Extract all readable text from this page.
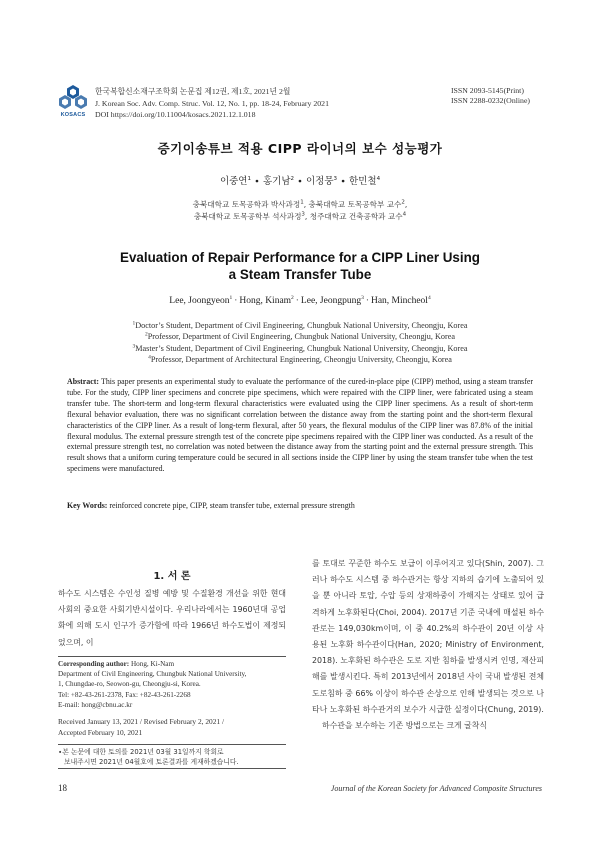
KOSACS
한국복합신소재구조학회 논문집 제12권, 제1호, 2021년 2월
J. Korean Soc. Adv. Comp. Struc. Vol. 12, No. 1, pp. 18-24, February 2021
DOI https://doi.org/10.11004/kosacs.2021.12.1.018
ISSN 2093-5145(Print)
ISSN 2288-0232(Online)
증기이송튜브 적용 CIPP 라이너의 보수 성능평가
이중연$^1$ ∙ 홍기남$^2$ ∙ 이정뭉$^3$ ∙ 한민철$^4$
충북대학교 토목공학과 박사과정$^1$, 충북대학교 토목공학부 교수$^2$,
충북대학교 토목공학부 석사과정$^3$, 청주대학교 건축공학과 교수$^4$
Evaluation of Repair Performance for a CIPP Liner Using
a Steam Transfer Tube
Lee, Joongyeon$^1$ ∙ Hong, Kinam$^2$ ∙ Lee, Jeongpung$^3$ ∙ Han, Mincheol$^4$
$^1$Doctor’s Student, Department of Civil Engineering, Chungbuk National University, Cheongju, Korea
$^2$Professor, Department of Civil Engineering, Chungbuk National University, Cheongju, Korea
$^3$Master’s Student, Department of Civil Engineering, Chungbuk National University, Cheongju, Korea
$^4$Professor, Department of Architectural Engineering, Cheongju University, Cheongju, Korea
Abstract: This paper presents an experimental study to evaluate the performance of the cured-in-place pipe (CIPP) method, using a steam transfer tube. For the study, CIPP liner specimens and concrete pipe specimens, which were repaired with the CIPP liner, were fabricated using a steam transfer tube. The short-term and long-term flexural characteristics were evaluated using the CIPP liner specimens. As a result of short-term flexural behavior evaluation, there was no significant correlation between the distance away from the starting point and the short-term flexural characteristics of the CIPP liner. As a result of long-term flexural, after 50 years, the flexural modulus of the CIPP liner was 87.8% of the initial flexural modulus. The external pressure strength test of the concrete pipe specimens repaired with the CIPP liner was conducted. As a result of the external pressure strength test, no correlation was noted between the distance away from the starting point and the external pressure strength. This result shows that a uniform curing temperature could be secured in all sections inside the CIPP liner by using the steam transfer tube when the test specimens were manufactured.
Key Words: reinforced concrete pipe, CIPP, steam transfer tube, external pressure strength
1. 서 론
하수도 시스템은 수인성 질병 예방 및 수질환경 개선을 위한 현대사회의 중요한 사회기반시설이다. 우리나라에서는 1960년대 공업화에 의해 도시 인구가 증가함에 따라 1966년 하수도법이 제정되었으며, 이
를 토대로 꾸준한 하수도 보급이 이루어지고 있다(Shin, 2007). 그러나 하수도 시스템 중 하수관거는 항상 지하의 습기에 노출되어 있을 뿐 아니라 토압, 수압 등의 상재하중이 가해지는 상태로 있어 급격하게 노후화된다(Choi, 2004). 2017년 기준 국내에 매설된 하수관로는 149,030km이며, 이 중 40.2%의 하수관이 20년 이상 사용된 노후화 하수관이다(Han, 2020; Ministry of Environment, 2018). 노후화된 하수관은 도로 지반 침하를 발생시켜 인명, 재산피해를 발생시킨다. 특히 2013년에서 2018년 사이 국내 발생된 전체 도로침하 중 66% 이상이 하수관 손상으로 인해 발생되는 것으로 나타나 노후화된 하수관거의 보수가 시급한 실정이다(Chung, 2019).
하수관을 보수하는 기존 방법으로는 크게 굴착식
Corresponding author: Hong, Ki-Nam
Department of Civil Engineering, Chungbuk National University,
1, Chungdae-ro, Seowon-gu, Cheongju-si, Korea.
Tel: +82-43-261-2378, Fax: +82-43-261-2268
E-mail: hong@cbnu.ac.kr
Received January 13, 2021 / Revised February 2, 2021 /
Accepted February 10, 2021
∙본 논문에 대한 토의를 2021년 03월 31일까지 학회로
보내주시면 2021년 04월호에 토론결과를 게재하겠습니다.
18	Journal of the Korean Society for Advanced Composite Structures
